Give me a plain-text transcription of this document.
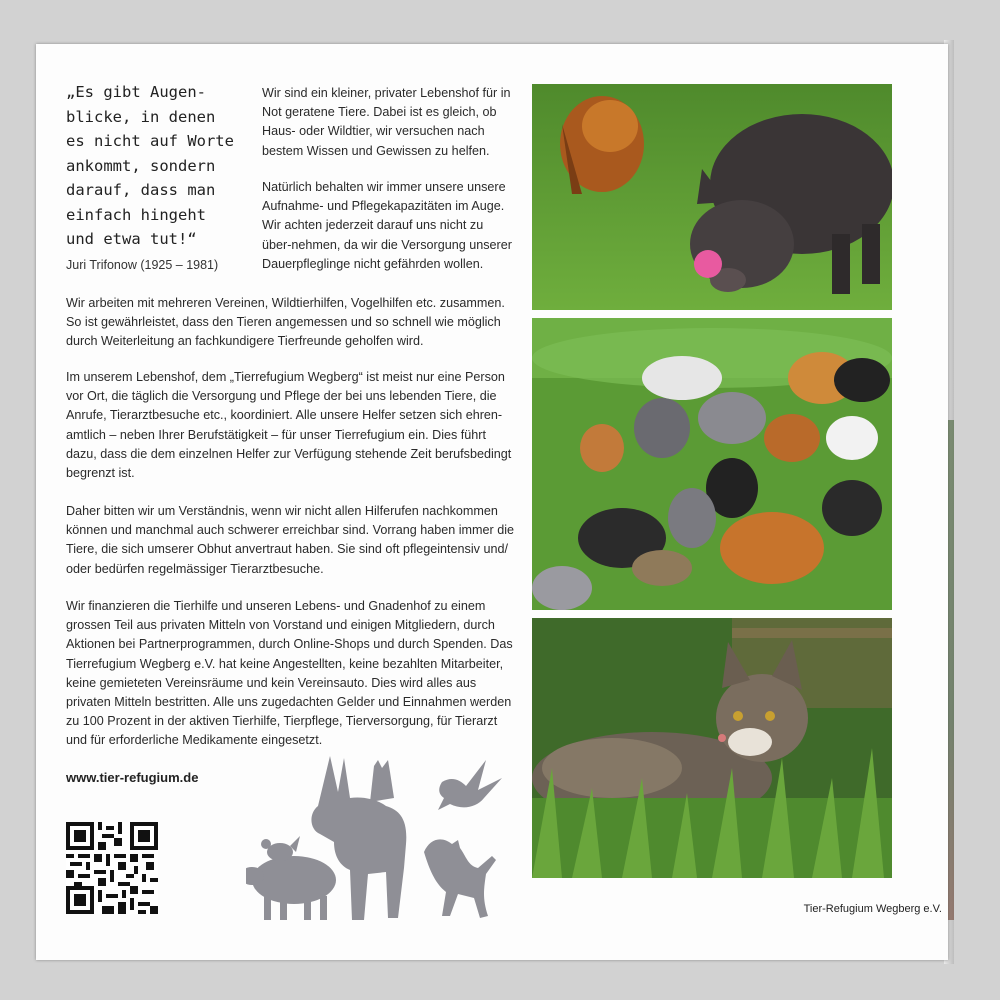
„Es gibt Augen-
blicke, in denen
es nicht auf Worte
ankommt, sondern
darauf, dass man
einfach hingeht
und etwa tut!“

Juri Trifonow (1925 – 1981)

Wir sind ein kleiner, privater Lebenshof für in Not geratene Tiere. Dabei ist es gleich, ob Haus- oder Wildtier, wir versuchen nach bestem Wissen und Gewissen zu helfen.

Natürlich behalten wir immer unsere unsere Aufnahme- und Pflegekapazitäten im Auge. Wir achten jederzeit darauf uns nicht zu über-nehmen, da wir die Versorgung unserer Dauerpfleglinge nicht gefährden wollen.

Wir arbeiten mit mehreren Vereinen, Wildtierhilfen, Vogelhilfen etc. zusammen. So ist gewährleistet, dass den Tieren angemessen und so schnell wie möglich durch Weiterleitung an fachkundigere Tierfreunde geholfen wird.

Im unserem Lebenshof, dem „Tierrefugium Wegberg“ ist meist nur eine Person vor Ort, die täglich die Versorgung und Pflege der bei uns lebenden Tiere, die Anrufe, Tierarztbesuche etc., koordiniert. Alle unsere Helfer setzen sich ehren-amtlich – neben Ihrer Berufstätigkeit – für unser Tierrefugium ein. Dies führt dazu, dass die dem einzelnen Helfer zur Verfügung stehende Zeit berufsbedingt begrenzt ist.

Daher bitten wir um Verständnis, wenn wir nicht allen Hilferufen nachkommen können und manchmal auch schwerer erreichbar sind. Vorrang haben immer die Tiere, die sich umserer Obhut anvertraut haben. Sie sind oft pflegeintensiv und/ oder bedürfen regelmässiger Tierarztbesuche.

Wir finanzieren die Tierhilfe und unseren Lebens- und Gnadenhof zu einem grossen Teil aus privaten Mitteln von Vorstand und einigen Mitgliedern, durch Aktionen bei Partnerprogrammen, durch Online-Shops und durch Spenden. Das Tierrefugium Wegberg e.V. hat keine Angestellten, keine bezahlten Mitarbeiter, keine gemieteten Vereinsräume und kein Vereinsauto. Dies wird alles aus privaten Mitteln bestritten. Alle uns zugedachten Gelder und Einnahmen werden zu 100 Prozent in der aktiven Tierhilfe, Tierpflege, Tierversorgung, für Tierarzt und für erforderliche Medikamente eingesetzt.

www.tier-refugium.de
Tier-Refugium Wegberg e.V.
